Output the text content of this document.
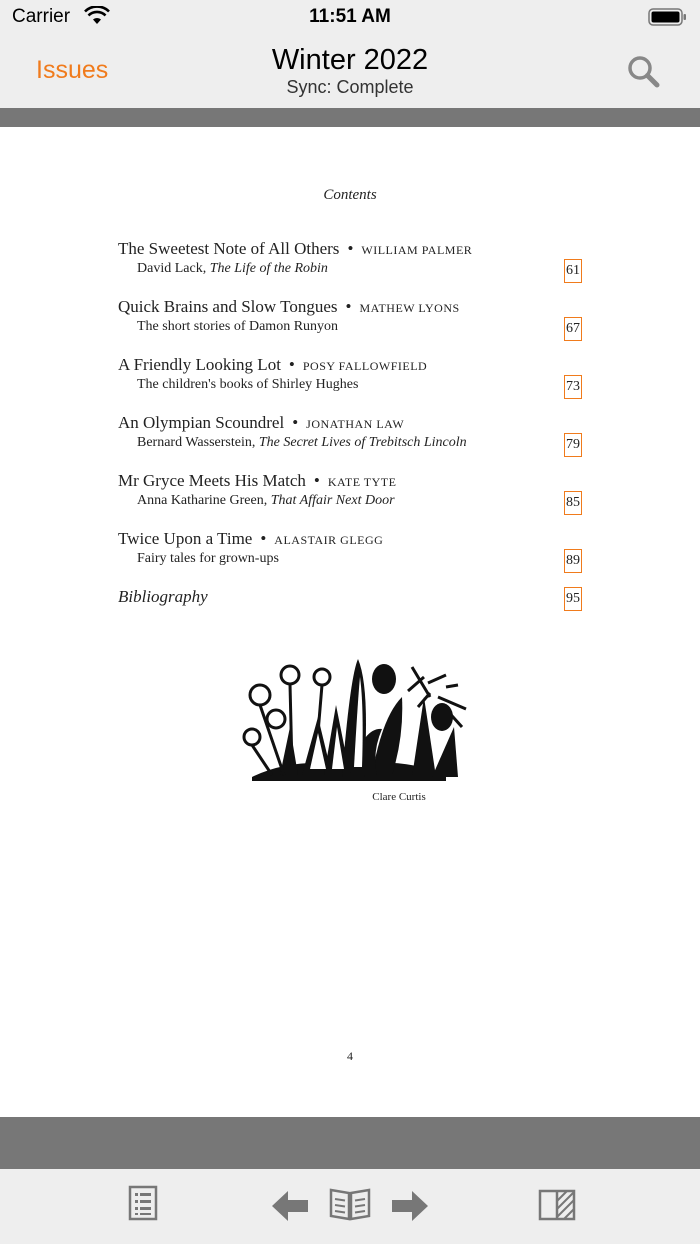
Carrier	11:51 AM
Issues	Winter 2022
Sync: Complete
Contents
The Sweetest Note of All Others • WILLIAM PALMER
David Lack, The Life of the Robin	61
Quick Brains and Slow Tongues • MATHEW LYONS
The short stories of Damon Runyon	67
A Friendly Looking Lot • POSY FALLOWFIELD
The children's books of Shirley Hughes	73
An Olympian Scoundrel • JONATHAN LAW
Bernard Wasserstein, The Secret Lives of Trebitsch Lincoln	79
Mr Gryce Meets His Match • KATE TYTE
Anna Katharine Green, That Affair Next Door	85
Twice Upon a Time • ALASTAIR GLEGG
Fairy tales for grown-ups	89
Bibliography	95
Clare Curtis
4
